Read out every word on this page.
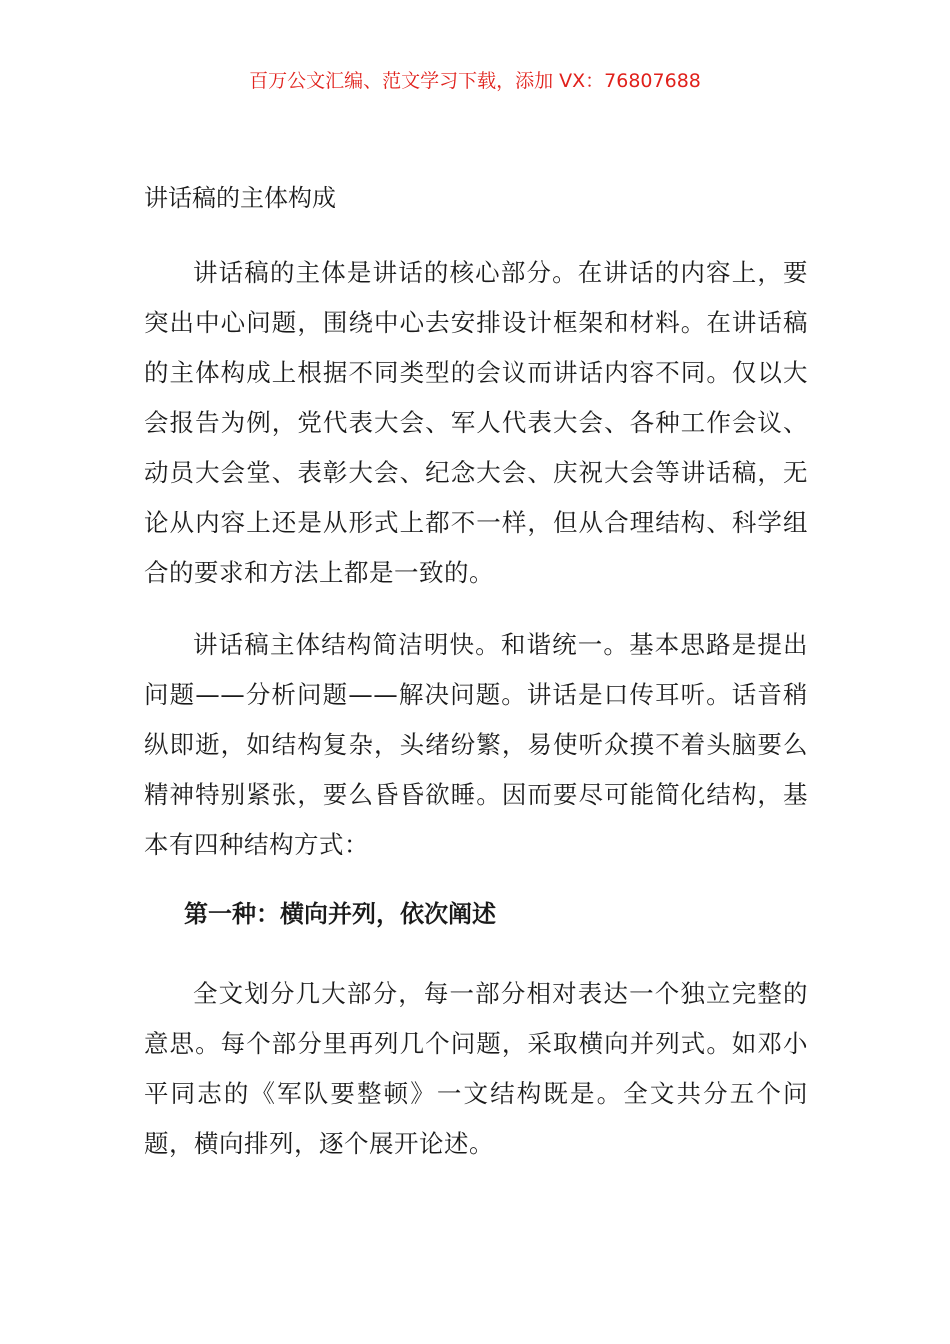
百万公文汇编、范文学习下载，添加 VX：76807688
讲话稿的主体构成

讲话稿的主体是讲话的核心部分。在讲话的内容上，要突出中心问题，围绕中心去安排设计框架和材料。在讲话稿的主体构成上根据不同类型的会议而讲话内容不同。仅以大会报告为例，党代表大会、军人代表大会、各种工作会议、动员大会堂、表彰大会、纪念大会、庆祝大会等讲话稿，无论从内容上还是从形式上都不一样，但从合理结构、科学组合的要求和方法上都是一致的。

讲话稿主体结构简洁明快。和谐统一。基本思路是提出问题——分析问题——解决问题。讲话是口传耳听。话音稍纵即逝，如结构复杂，头绪纷繁，易使听众摸不着头脑要么精神特别紧张，要么昏昏欲睡。因而要尽可能简化结构，基本有四种结构方式：

第一种：横向并列，依次阐述

全文划分几大部分，每一部分相对表达一个独立完整的意思。每个部分里再列几个问题，采取横向并列式。如邓小平同志的《军队要整顿》一文结构既是。全文共分五个问题，横向排列，逐个展开论述。
